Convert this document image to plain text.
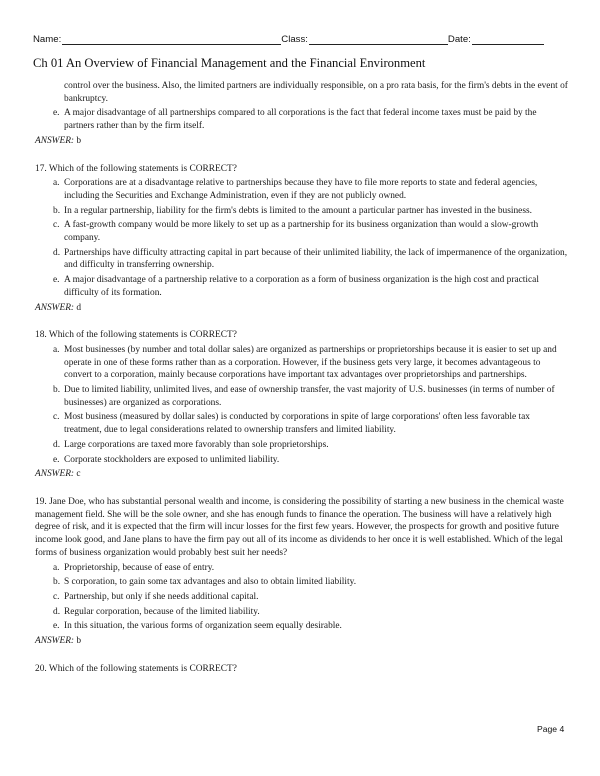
Name:	Class:	Date:
Ch 01 An Overview of Financial Management and the Financial Environment
control over the business. Also, the limited partners are individually responsible, on a pro rata basis, for the firm's debts in the event of bankruptcy.
e. A major disadvantage of all partnerships compared to all corporations is the fact that federal income taxes must be paid by the partners rather than by the firm itself.
ANSWER: b
17. Which of the following statements is CORRECT?
a. Corporations are at a disadvantage relative to partnerships because they have to file more reports to state and federal agencies, including the Securities and Exchange Administration, even if they are not publicly owned.
b. In a regular partnership, liability for the firm's debts is limited to the amount a particular partner has invested in the business.
c. A fast-growth company would be more likely to set up as a partnership for its business organization than would a slow-growth company.
d. Partnerships have difficulty attracting capital in part because of their unlimited liability, the lack of impermanence of the organization, and difficulty in transferring ownership.
e. A major disadvantage of a partnership relative to a corporation as a form of business organization is the high cost and practical difficulty of its formation.
ANSWER: d
18. Which of the following statements is CORRECT?
a. Most businesses (by number and total dollar sales) are organized as partnerships or proprietorships because it is easier to set up and operate in one of these forms rather than as a corporation. However, if the business gets very large, it becomes advantageous to convert to a corporation, mainly because corporations have important tax advantages over proprietorships and partnerships.
b. Due to limited liability, unlimited lives, and ease of ownership transfer, the vast majority of U.S. businesses (in terms of number of businesses) are organized as corporations.
c. Most business (measured by dollar sales) is conducted by corporations in spite of large corporations' often less favorable tax treatment, due to legal considerations related to ownership transfers and limited liability.
d. Large corporations are taxed more favorably than sole proprietorships.
e. Corporate stockholders are exposed to unlimited liability.
ANSWER: c
19. Jane Doe, who has substantial personal wealth and income, is considering the possibility of starting a new business in the chemical waste management field. She will be the sole owner, and she has enough funds to finance the operation. The business will have a relatively high degree of risk, and it is expected that the firm will incur losses for the first few years. However, the prospects for growth and positive future income look good, and Jane plans to have the firm pay out all of its income as dividends to her once it is well established. Which of the legal forms of business organization would probably best suit her needs?
a. Proprietorship, because of ease of entry.
b. S corporation, to gain some tax advantages and also to obtain limited liability.
c. Partnership, but only if she needs additional capital.
d. Regular corporation, because of the limited liability.
e. In this situation, the various forms of organization seem equally desirable.
ANSWER: b
20. Which of the following statements is CORRECT?
Page 4
